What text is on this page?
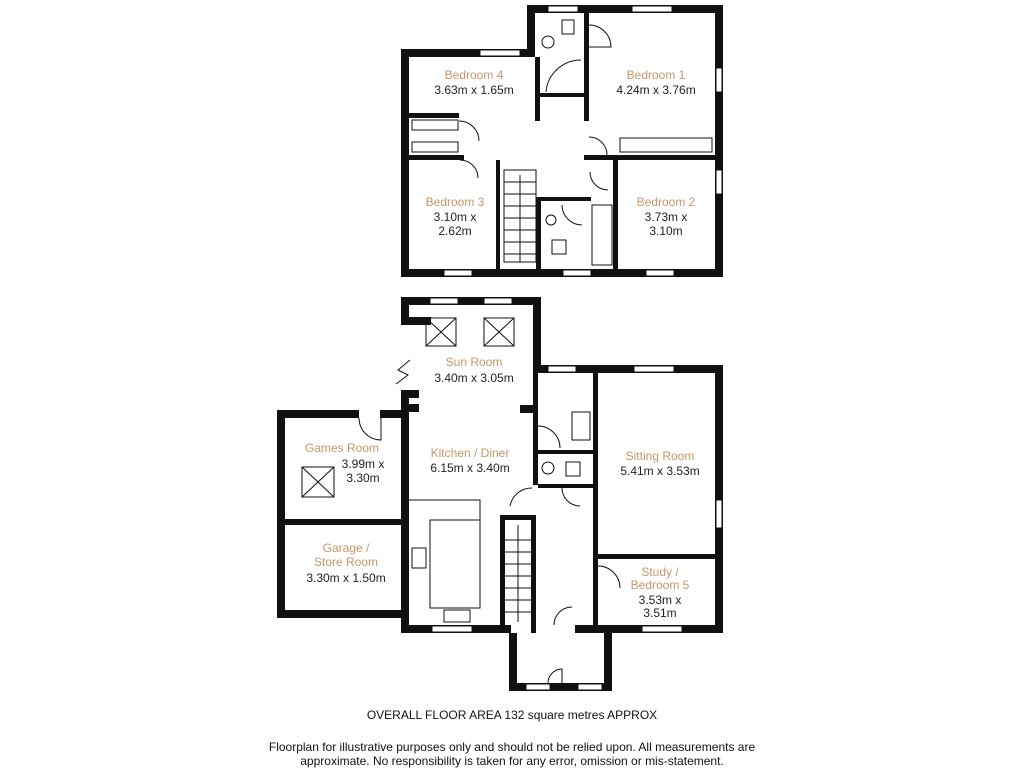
Bedroom 4
3.63m x 1.65m
Bedroom 1
4.24m x 3.76m
Bedroom 3
3.10m x
2.62m
Bedroom 2
3.73m x
3.10m
Sun Room
3.40m x 3.05m
Kitchen / Diner
6.15m x 3.40m
Games Room
3.99m x
3.30m
Sitting Room
5.41m x 3.53m
Garage /
Store Room
3.30m x 1.50m	Study /
Bedroom 5
3.53m x
3.51m
OVERALL FLOOR AREA 132 square metres APPROX
Floorplan for illustrative purposes only and should not be relied upon. All measurements are
approximate. No responsibility is taken for any error, omission or mis-statement.
